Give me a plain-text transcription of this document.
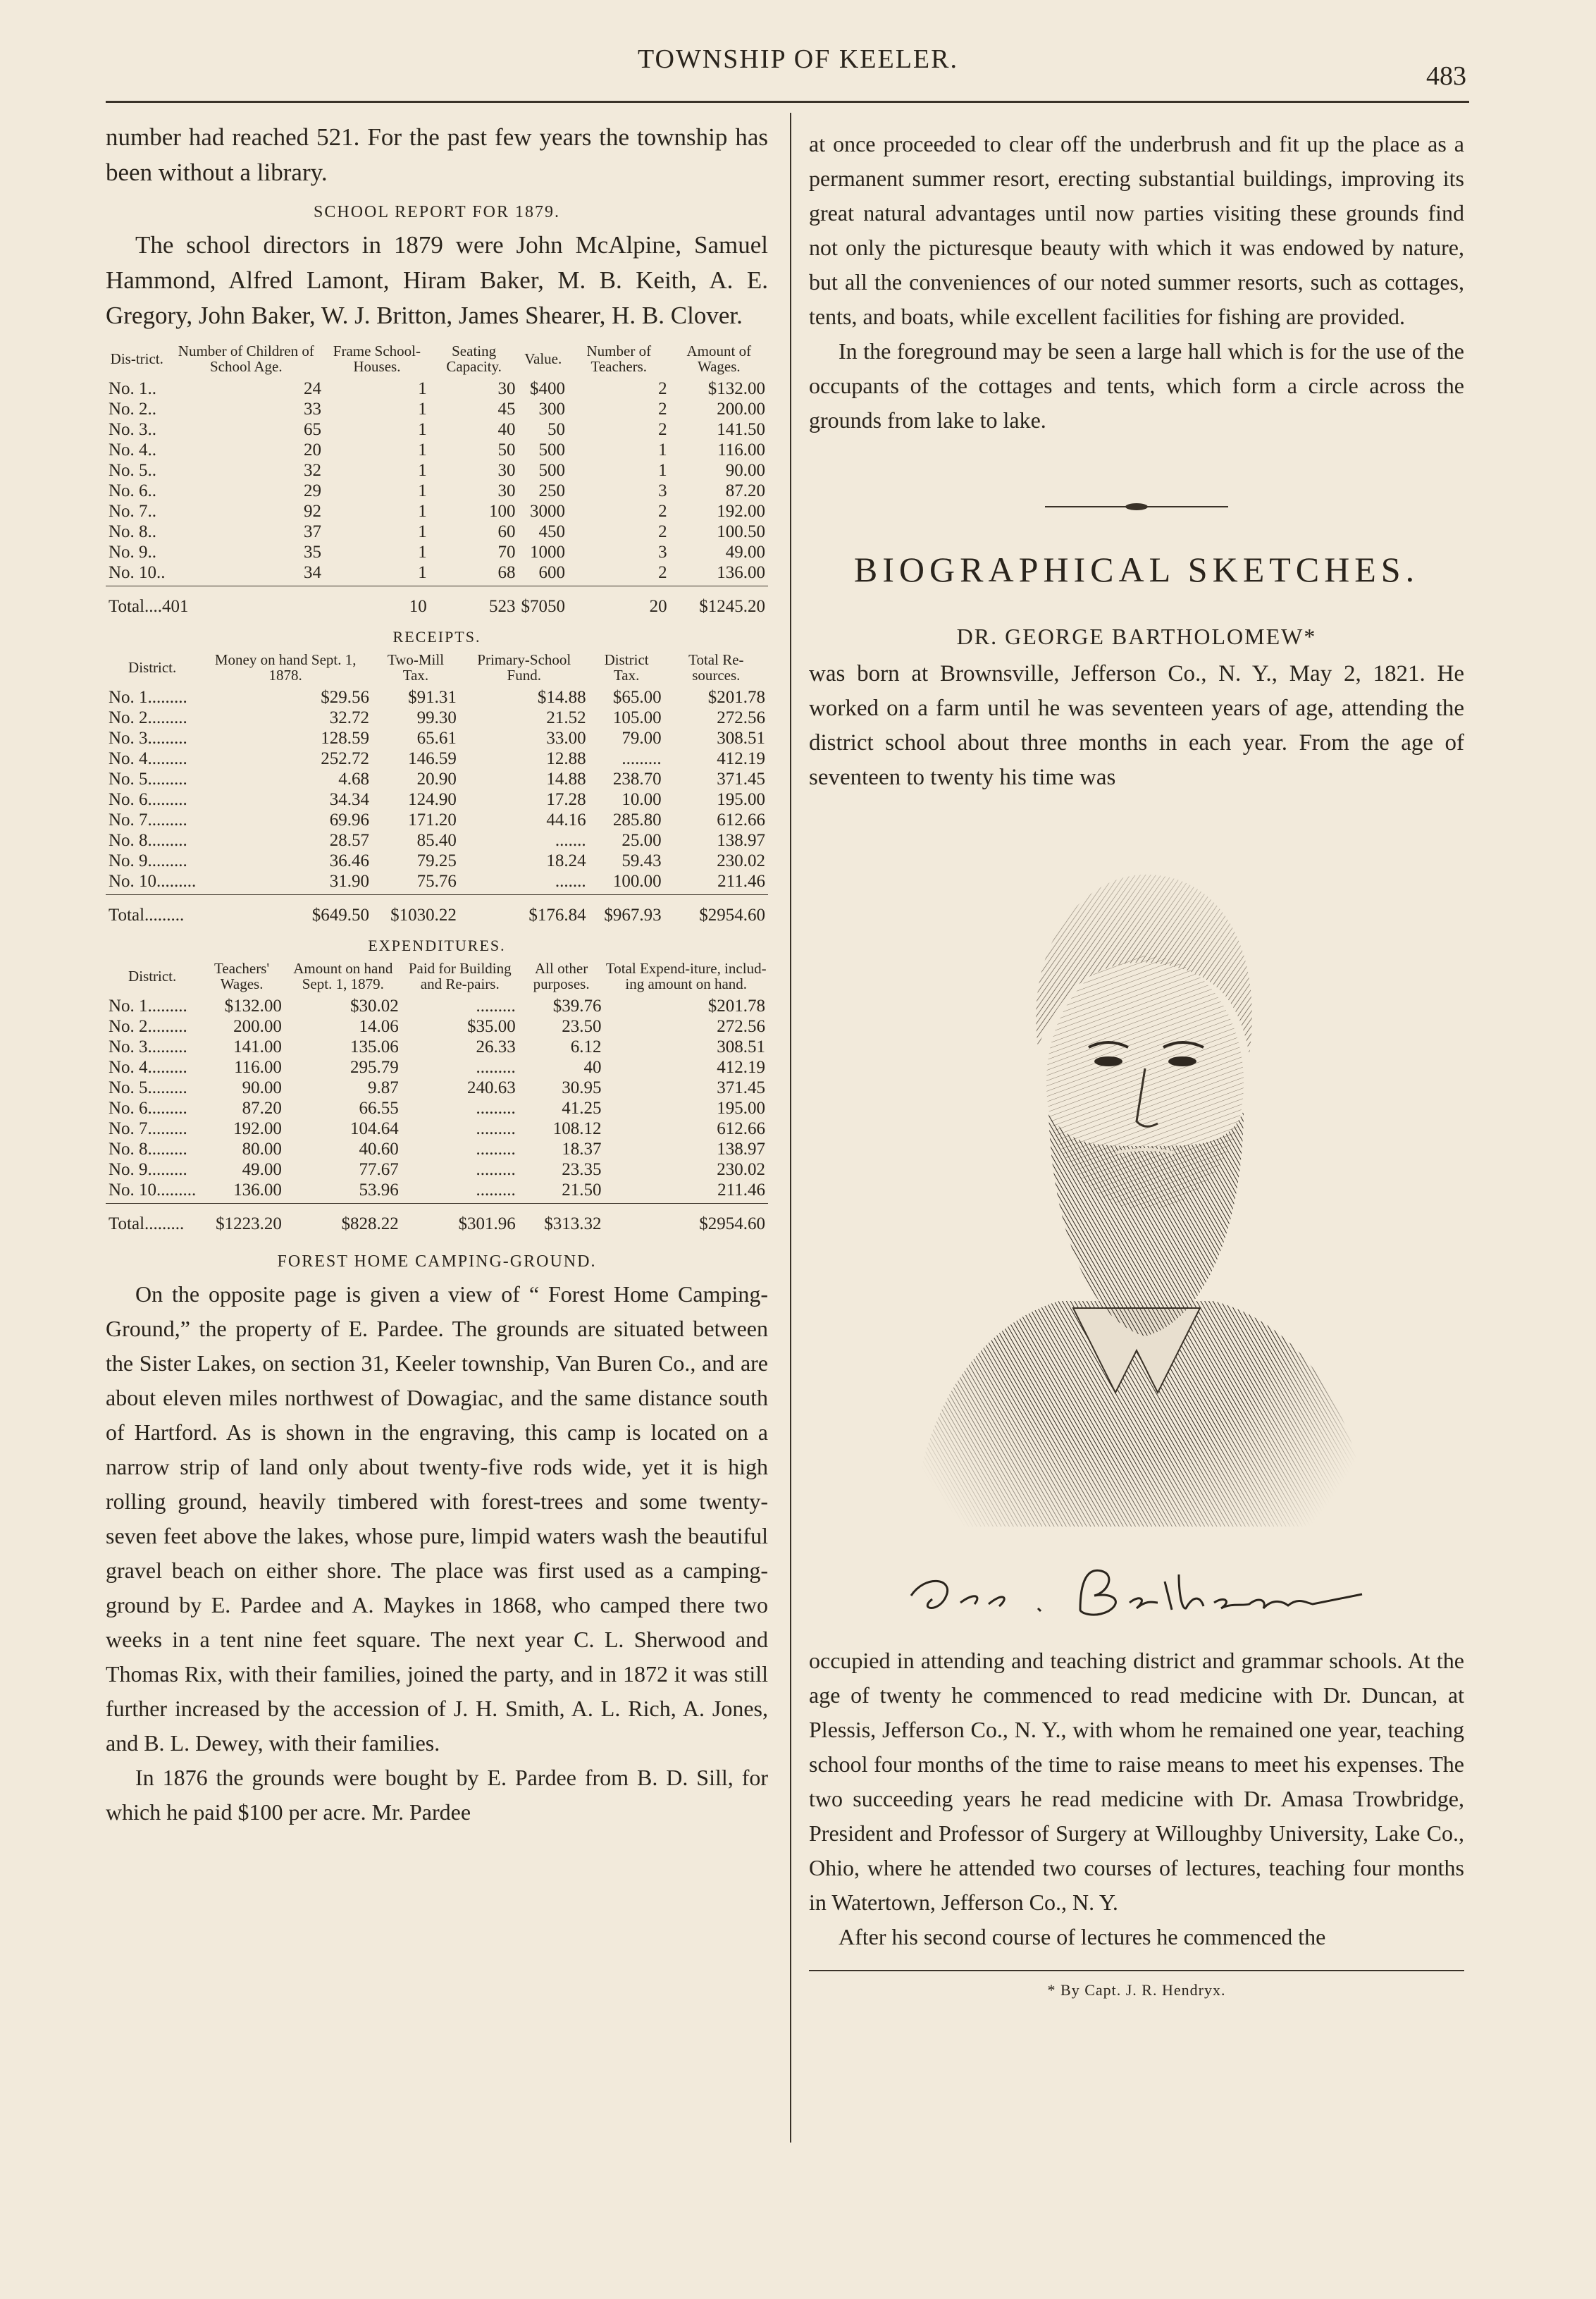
TOWNSHIP OF KEELER.
483

number had reached 521. For the past few years the township has been without a library.

SCHOOL REPORT FOR 1879.

The school directors in 1879 were John McAlpine, Samuel Hammond, Alfred Lamont, Hiram Baker, M. B. Keith, A. E. Gregory, John Baker, W. J. Britton, James Shearer, H. B. Clover.

Dis-trict.	Number of Children of School Age.	Frame School-Houses.	Seating Capacity.	Value.	Number of Teachers.	Amount of Wages.
No. 1..	24	1	30	$400	2	$132.00
No. 2..	33	1	45	300	2	200.00
No. 3..	65	1	40	50	2	141.50
No. 4..	20	1	50	500	1	116.00
No. 5..	32	1	30	500	1	90.00
No. 6..	29	1	30	250	3	87.20
No. 7..	92	1	100	3000	2	192.00
No. 8..	37	1	60	450	2	100.50
No. 9..	35	1	70	1000	3	49.00
No. 10..	34	1	68	600	2	136.00

Total....401		10	523	$7050	20	$1245.20
RECEIPTS.
District.	Money on hand Sept. 1, 1878.	Two-Mill Tax.	Primary-School Fund.	District Tax.	Total Re-sources.
No. 1.........	$29.56	$91.31	$14.88	$65.00	$201.78
No. 2.........	32.72	99.30	21.52	105.00	272.56
No. 3.........	128.59	65.61	33.00	79.00	308.51
No. 4.........	252.72	146.59	12.88	.........	412.19
No. 5.........	4.68	20.90	14.88	238.70	371.45
No. 6.........	34.34	124.90	17.28	10.00	195.00
No. 7.........	69.96	171.20	44.16	285.80	612.66
No. 8.........	28.57	85.40	.......	25.00	138.97
No. 9.........	36.46	79.25	18.24	59.43	230.02
No. 10.........	31.90	75.76	.......	100.00	211.46

Total.........	$649.50	$1030.22	$176.84	$967.93	$2954.60
EXPENDITURES.
District.	Teachers' Wages.	Amount on hand Sept. 1, 1879.	Paid for Building and Re-pairs.	All other purposes.	Total Expend-iture, includ-ing amount on hand.
No. 1.........	$132.00	$30.02	.........	$39.76	$201.78
No. 2.........	200.00	14.06	$35.00	23.50	272.56
No. 3.........	141.00	135.06	26.33	6.12	308.51
No. 4.........	116.00	295.79	.........	40	412.19
No. 5.........	90.00	9.87	240.63	30.95	371.45
No. 6.........	87.20	66.55	.........	41.25	195.00
No. 7.........	192.00	104.64	.........	108.12	612.66
No. 8.........	80.00	40.60	.........	18.37	138.97
No. 9.........	49.00	77.67	.........	23.35	230.02
No. 10.........	136.00	53.96	.........	21.50	211.46

Total.........	$1223.20	$828.22	$301.96	$313.32	$2954.60
FOREST HOME CAMPING-GROUND.

On the opposite page is given a view of “ Forest Home Camping-Ground,” the property of E. Pardee. The grounds are situated between the Sister Lakes, on section 31, Keeler township, Van Buren Co., and are about eleven miles northwest of Dowagiac, and the same distance south of Hartford. As is shown in the engraving, this camp is located on a narrow strip of land only about twenty-five rods wide, yet it is high rolling ground, heavily timbered with forest-trees and some twenty-seven feet above the lakes, whose pure, limpid waters wash the beautiful gravel beach on either shore. The place was first used as a camping-ground by E. Pardee and A. Maykes in 1868, who camped there two weeks in a tent nine feet square. The next year C. L. Sherwood and Thomas Rix, with their families, joined the party, and in 1872 it was still further increased by the accession of J. H. Smith, A. L. Rich, A. Jones, and B. L. Dewey, with their families.

In 1876 the grounds were bought by E. Pardee from B. D. Sill, for which he paid $100 per acre. Mr. Pardee

at once proceeded to clear off the underbrush and fit up the place as a permanent summer resort, erecting substantial buildings, improving its great natural advantages until now parties visiting these grounds find not only the picturesque beauty with which it was endowed by nature, but all the conveniences of our noted summer resorts, such as cottages, tents, and boats, while excellent facilities for fishing are provided.

In the foreground may be seen a large hall which is for the use of the occupants of the cottages and tents, which form a circle across the grounds from lake to lake.

BIOGRAPHICAL SKETCHES.
DR. GEORGE BARTHOLOMEW*

was born at Brownsville, Jefferson Co., N. Y., May 2, 1821. He worked on a farm until he was seventeen years of age, attending the district school about three months in each year. From the age of seventeen to twenty his time was

occupied in attending and teaching district and grammar schools. At the age of twenty he commenced to read medicine with Dr. Duncan, at Plessis, Jefferson Co., N. Y., with whom he remained one year, teaching school four months of the time to raise means to meet his expenses. The two succeeding years he read medicine with Dr. Amasa Trowbridge, President and Professor of Surgery at Willoughby University, Lake Co., Ohio, where he attended two courses of lectures, teaching four months in Watertown, Jefferson Co., N. Y.

After his second course of lectures he commenced the

* By Capt. J. R. Hendryx.
